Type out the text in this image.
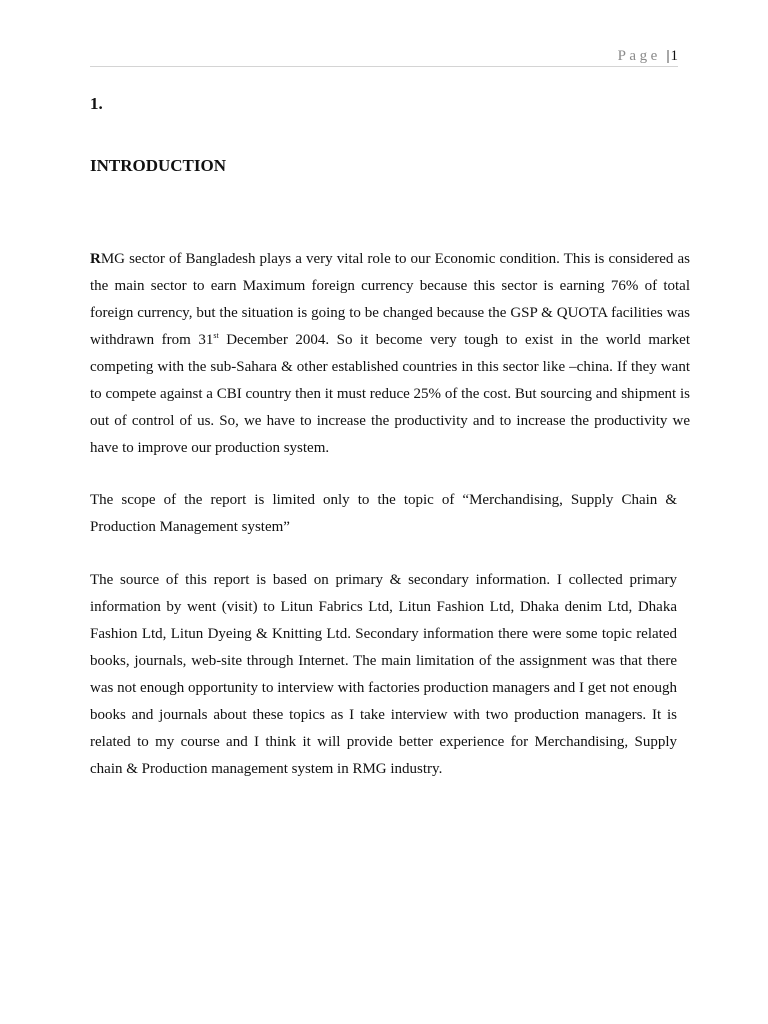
Page |1
1.
INTRODUCTION

RMG sector of Bangladesh plays a very vital role to our Economic condition. This is considered as the main sector to earn Maximum foreign currency because this sector is earning 76% of total foreign currency, but the situation is going to be changed because the GSP & QUOTA facilities was withdrawn from 31st December 2004. So it become very tough to exist in the world market competing with the sub-Sahara & other established countries in this sector like –china. If they want to compete against a CBI country then it must reduce 25% of the cost. But sourcing and shipment is out of control of us. So, we have to increase the productivity and to increase the productivity we have to improve our production system.

The scope of the report is limited only to the topic of “Merchandising, Supply Chain & Production Management system”

The source of this report is based on primary & secondary information. I collected primary information by went (visit) to Litun Fabrics Ltd, Litun Fashion Ltd, Dhaka denim Ltd, Dhaka Fashion Ltd, Litun Dyeing & Knitting Ltd. Secondary information there were some topic related books, journals, web-site through Internet. The main limitation of the assignment was that there was not enough opportunity to interview with factories production managers and I get not enough books and journals about these topics as I take interview with two production managers. It is related to my course and I think it will provide better experience for Merchandising, Supply chain & Production management system in RMG industry.
